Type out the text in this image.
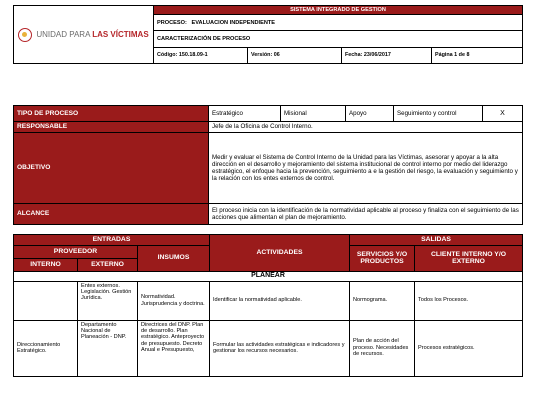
UNIDAD PARA LAS VÍCTIMAS	SISTEMA INTEGRADO DE GESTION			
	PROCESO: EVALUACION INDEPENDIENTE			
	CARACTERIZACIÓN DE PROCESO			
	Código: 150.18.09-1	Versión: 06	Fecha: 23/06/2017	Página 1 de 8
TIPO DE PROCESO	Estratégico	Misional	Apoyo	Seguimiento y control	X
RESPONSABLE	Jefe de la Oficina de Control Interno.				
OBJETIVO	Medir y evaluar el Sistema de Control Interno de la Unidad para las Víctimas, asesorar y apoyar a la alta dirección en el desarrollo y mejoramiento del sistema institucional de control interno por medio del liderazgo estratégico, el enfoque hacia la prevención, seguimiento a e la gestión del riesgo, la evaluación y seguimiento y la relación con los entes externos de control.				
ALCANCE	El proceso inicia con la identificación de la normatividad aplicable al proceso y finaliza con el seguimiento de las acciones que alimentan el plan de mejoramiento.				
ENTRADAS			ACTIVIDADES	SALIDAS	
PROVEEDOR		INSUMOS		SERVICIOS Y/O PRODUCTOS	CLIENTE INTERNO Y/O EXTERNO
INTERNO	EXTERNO				
PLANEAR					
	Entes externos. Legislación. Gestión Jurídica.	Normatividad. Jurisprudencia y doctrina.	Identificar la normatividad aplicable.	Normograma.	Todos los Procesos.
Direccionamiento Estratégico.	Departamento Nacional de Planeación - DNP.	Directrices del DNP. Plan de desarrollo. Plan estratégico. Anteproyecto de presupuesto. Decreto Anual e Presupuesto,	Formular las actividades estratégicas e indicadores y gestionar los recursos necesarios.	Plan de acción del proceso. Necesidades de recursos.	Procesos estratégicos.
